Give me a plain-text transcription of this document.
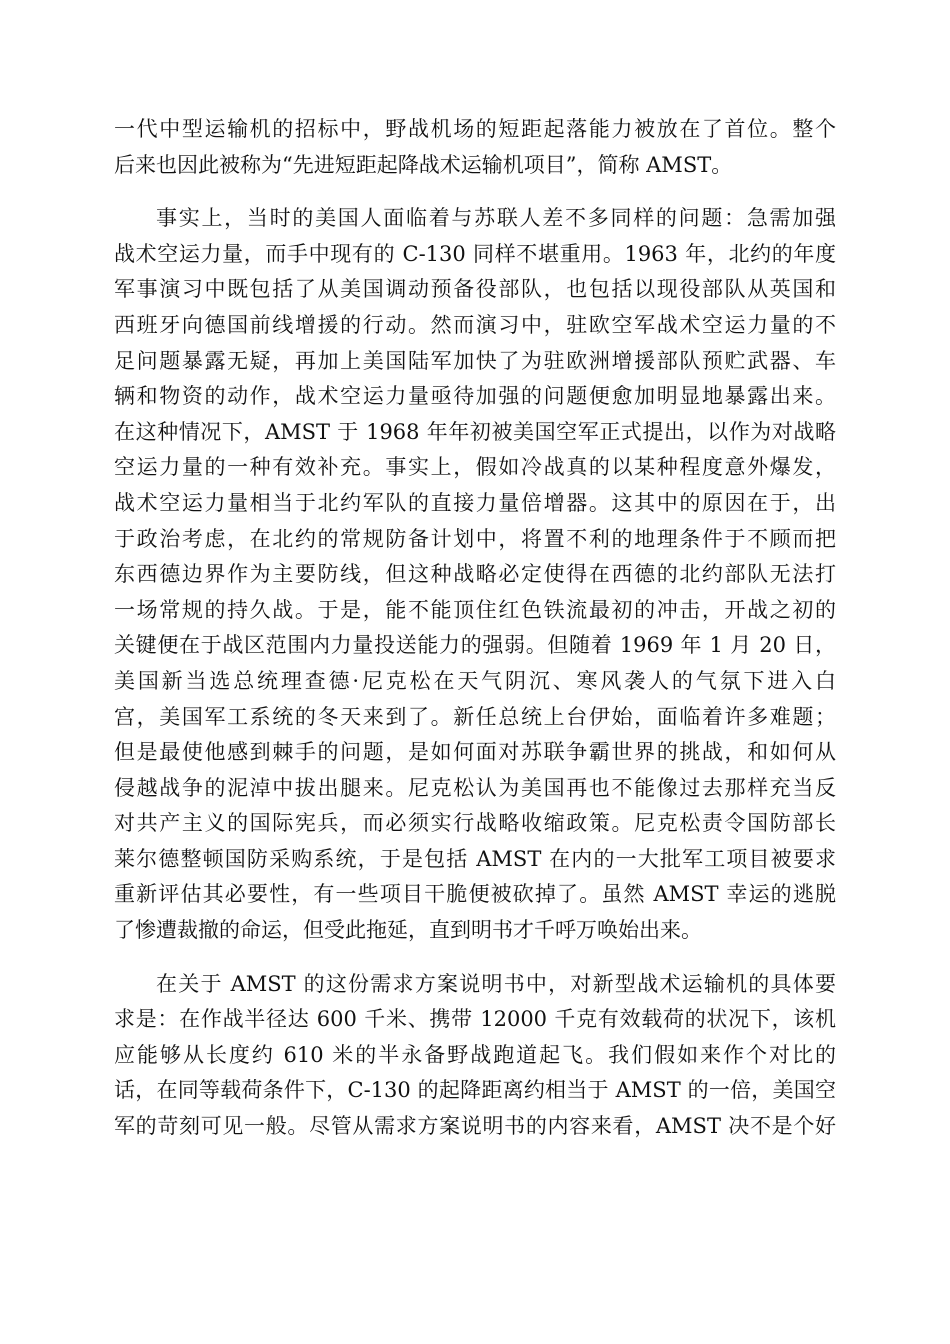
一代中型运输机的招标中，野战机场的短距起落能力被放在了首位。整个
后来也因此被称为“先进短距起降战术运输机项目”，简称 AMST。
事实上，当时的美国人面临着与苏联人差不多同样的问题：急需加强
战术空运力量，而手中现有的 C-130 同样不堪重用。1963 年，北约的年度
军事演习中既包括了从美国调动预备役部队，也包括以现役部队从英国和
西班牙向德国前线增援的行动。然而演习中，驻欧空军战术空运力量的不
足问题暴露无疑，再加上美国陆军加快了为驻欧洲增援部队预贮武器、车
辆和物资的动作，战术空运力量亟待加强的问题便愈加明显地暴露出来。
在这种情况下，AMST 于 1968 年年初被美国空军正式提出，以作为对战略
空运力量的一种有效补充。事实上，假如冷战真的以某种程度意外爆发，
战术空运力量相当于北约军队的直接力量倍增器。这其中的原因在于，出
于政治考虑，在北约的常规防备计划中，将置不利的地理条件于不顾而把
东西德边界作为主要防线，但这种战略必定使得在西德的北约部队无法打
一场常规的持久战。于是，能不能顶住红色铁流最初的冲击，开战之初的
关键便在于战区范围内力量投送能力的强弱。但随着 1969 年 1 月 20 日，
美国新当选总统理查德·尼克松在天气阴沉、寒风袭人的气氛下进入白
宫，美国军工系统的冬天来到了。新任总统上台伊始，面临着许多难题；
但是最使他感到棘手的问题，是如何面对苏联争霸世界的挑战，和如何从
侵越战争的泥淖中拔出腿来。尼克松认为美国再也不能像过去那样充当反
对共产主义的国际宪兵，而必须实行战略收缩政策。尼克松责令国防部长
莱尔德整顿国防采购系统，于是包括 AMST 在内的一大批军工项目被要求
重新评估其必要性，有一些项目干脆便被砍掉了。虽然 AMST 幸运的逃脱
了惨遭裁撤的命运，但受此拖延，直到明书才千呼万唤始出来。
在关于 AMST 的这份需求方案说明书中，对新型战术运输机的具体要
求是：在作战半径达 600 千米、携带 12000 千克有效载荷的状况下，该机
应能够从长度约 610 米的半永备野战跑道起飞。我们假如来作个对比的
话，在同等载荷条件下，C-130 的起降距离约相当于 AMST 的一倍，美国空
军的苛刻可见一般。尽管从需求方案说明书的内容来看，AMST 决不是个好
